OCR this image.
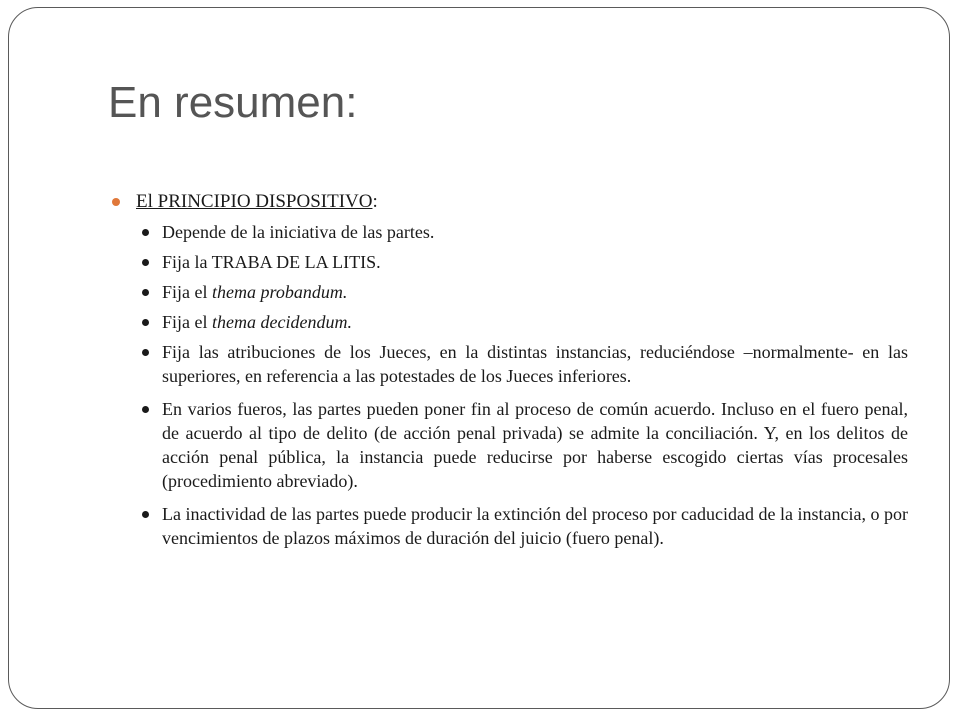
En resumen:
El PRINCIPIO DISPOSITIVO:
Depende de la iniciativa de las partes.
Fija la TRABA DE LA LITIS.
Fija el thema probandum.
Fija el thema decidendum.
Fija las atribuciones de los Jueces, en la distintas instancias, reduciéndose –normalmente- en las superiores, en referencia a las potestades de los Jueces inferiores.
En varios fueros, las partes pueden poner fin al proceso de común acuerdo. Incluso en el fuero penal, de acuerdo al tipo de delito (de acción penal privada) se admite la conciliación. Y, en los delitos de acción penal pública, la instancia puede reducirse por haberse escogido ciertas vías procesales (procedimiento abreviado).
La inactividad de las partes puede producir la extinción del proceso por caducidad de la instancia, o por vencimientos de plazos máximos de duración del juicio (fuero penal).
